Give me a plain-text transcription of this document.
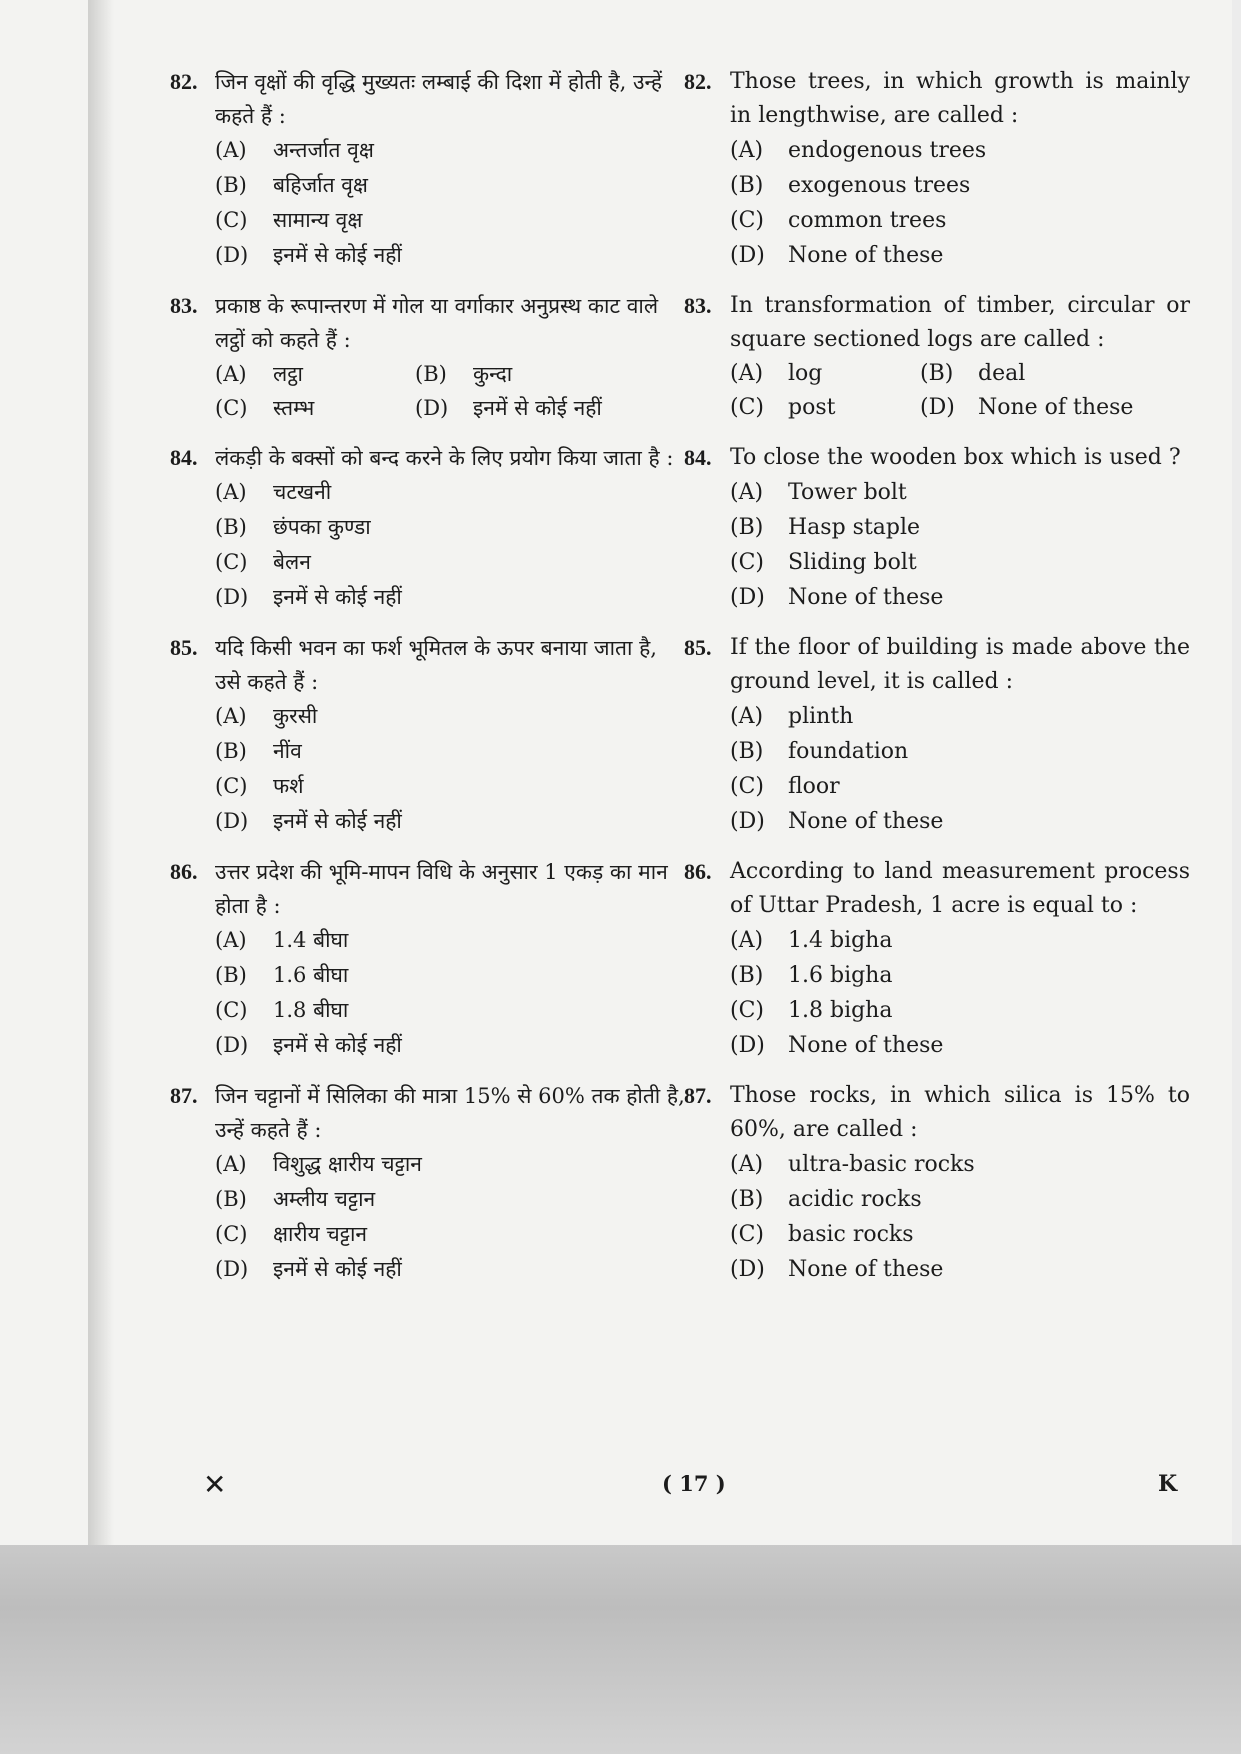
82. जिन वृक्षों की वृद्धि मुख्यतः लम्बाई की दिशा में होती है, उन्हें कहते हैं :

(A)	अन्तर्जात वृक्ष
(B)	बहिर्जात वृक्ष
(C)	सामान्य वृक्ष
(D)	इनमें से कोई नहीं
83. प्रकाष्ठ के रूपान्तरण में गोल या वर्गाकार अनुप्रस्थ काट वाले लट्ठों को कहते हैं :

(A)	लट्ठा	(B)	कुन्दा
(C)	स्तम्भ	(D)	इनमें से कोई नहीं
84. लंकड़ी के बक्सों को बन्द करने के लिए प्रयोग किया जाता है :

(A)	चटखनी
(B)	छंपका कुण्डा
(C)	बेलन
(D)	इनमें से कोई नहीं
85. यदि किसी भवन का फर्श भूमितल के ऊपर बनाया जाता है, उसे कहते हैं :

(A)	कुरसी
(B)	नींव
(C)	फर्श
(D)	इनमें से कोई नहीं
86. उत्तर प्रदेश की भूमि-मापन विधि के अनुसार 1 एकड़ का मान होता है :

(A)	1.4 बीघा
(B)	1.6 बीघा
(C)	1.8 बीघा
(D)	इनमें से कोई नहीं
87. जिन चट्टानों में सिलिका की मात्रा 15% से 60% तक होती है, उन्हें कहते हैं :

(A)	विशुद्ध क्षारीय चट्टान
(B)	अम्लीय चट्टान
(C)	क्षारीय चट्टान
(D)	इनमें से कोई नहीं
82. Those trees, in which growth is mainly in lengthwise, are called :

(A)	endogenous trees
(B)	exogenous trees
(C)	common trees
(D)	None of these
83. In transformation of timber, circular or square sectioned logs are called :

(A)	log	(B)	deal
(C)	post	(D)	None of these
84. To close the wooden box which is used ?

(A)	Tower bolt
(B)	Hasp staple
(C)	Sliding bolt
(D)	None of these
85. If the floor of building is made above the ground level, it is called :

(A)	plinth
(B)	foundation
(C)	floor
(D)	None of these
86. According to land measurement process of Uttar Pradesh, 1 acre is equal to :

(A)	1.4 bigha
(B)	1.6 bigha
(C)	1.8 bigha
(D)	None of these
87. Those rocks, in which silica is 15% to 60%, are called :

(A)	ultra-basic rocks
(B)	acidic rocks
(C)	basic rocks
(D)	None of these
✕	( 17 )	K
